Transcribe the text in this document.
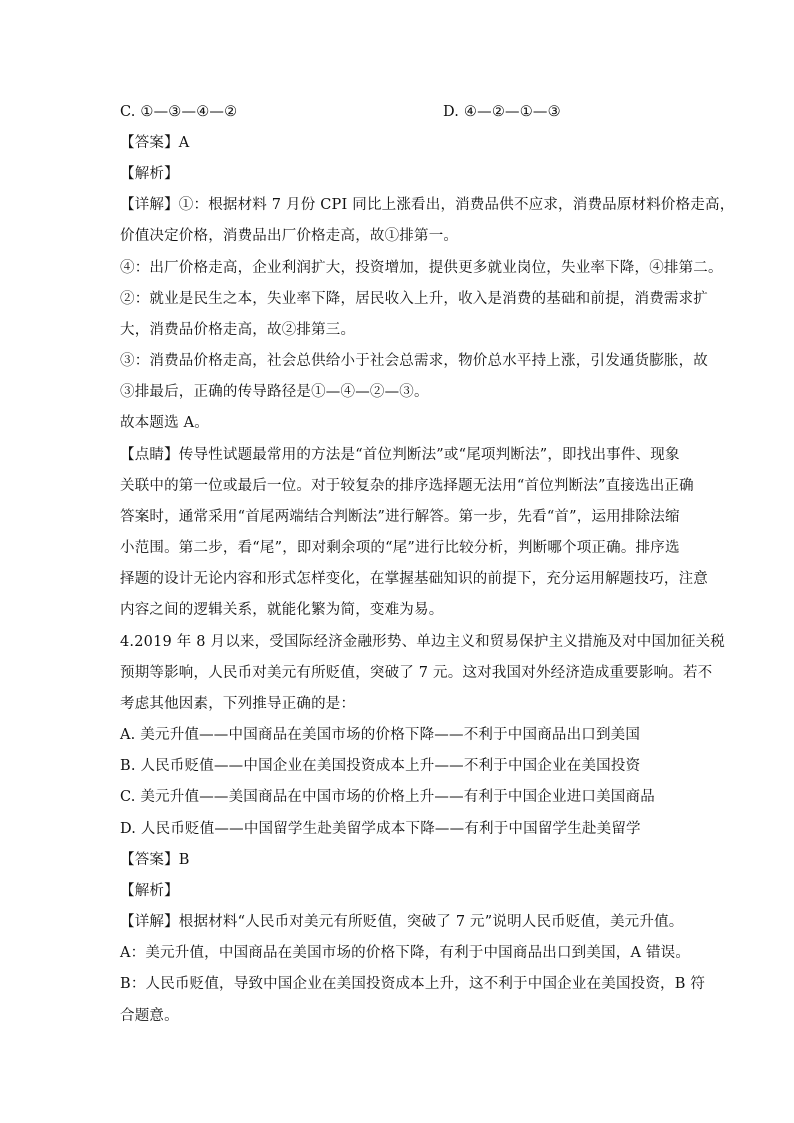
C. ①—③—④—②	D. ④—②—①—③
【答案】A
【解析】
【详解】①：根据材料 7 月份 CPI 同比上涨看出，消费品供不应求，消费品原材料价格走高，
价值决定价格，消费品出厂价格走高，故①排第一。
④：出厂价格走高，企业利润扩大，投资增加，提供更多就业岗位，失业率下降，④排第二。
②：就业是民生之本，失业率下降，居民收入上升，收入是消费的基础和前提，消费需求扩
大，消费品价格走高，故②排第三。
③：消费品价格走高，社会总供给小于社会总需求，物价总水平持上涨，引发通货膨胀，故
③排最后，正确的传导路径是①—④—②—③。
故本题选 A。
【点睛】传导性试题最常用的方法是“首位判断法”或“尾项判断法”，即找出事件、现象
关联中的第一位或最后一位。对于较复杂的排序选择题无法用“首位判断法”直接选出正确
答案时，通常采用“首尾两端结合判断法”进行解答。第一步，先看“首”，运用排除法缩
小范围。第二步，看“尾”，即对剩余项的“尾”进行比较分析，判断哪个项正确。排序选
择题的设计无论内容和形式怎样变化，在掌握基础知识的前提下，充分运用解题技巧，注意
内容之间的逻辑关系，就能化繁为简，变难为易。
4.2019 年 8 月以来，受国际经济金融形势、单边主义和贸易保护主义措施及对中国加征关税
预期等影响，人民币对美元有所贬值，突破了 7 元。这对我国对外经济造成重要影响。若不
考虑其他因素，下列推导正确的是：
A. 美元升值——中国商品在美国市场的价格下降——不利于中国商品出口到美国
B. 人民币贬值——中国企业在美国投资成本上升——不利于中国企业在美国投资
C. 美元升值——美国商品在中国市场的价格上升——有利于中国企业进口美国商品
D. 人民币贬值——中国留学生赴美留学成本下降——有利于中国留学生赴美留学
【答案】B
【解析】
【详解】根据材料“人民币对美元有所贬值，突破了 7 元”说明人民币贬值，美元升值。
A：美元升值，中国商品在美国市场的价格下降，有利于中国商品出口到美国，A 错误。
B：人民币贬值，导致中国企业在美国投资成本上升，这不利于中国企业在美国投资，B 符
合题意。
